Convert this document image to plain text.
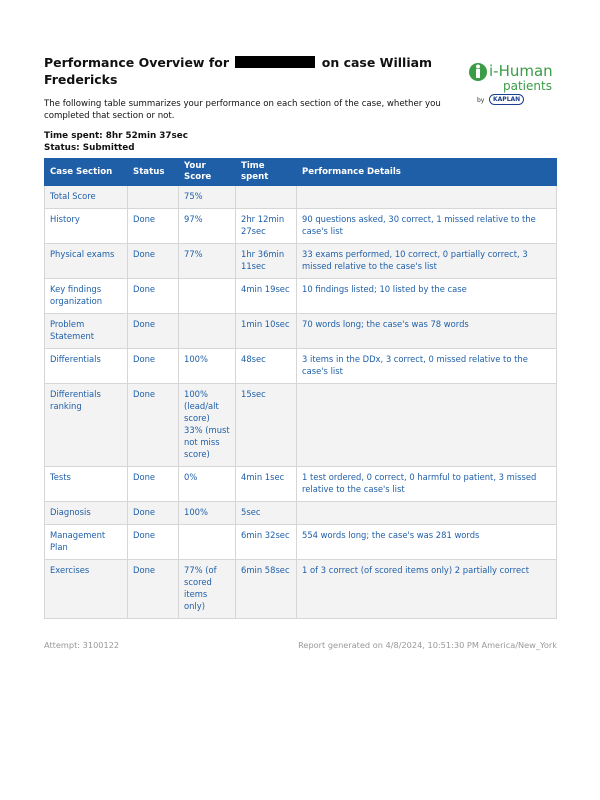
Performance Overview for	on case William Fredericks	i-Human
patients
by	KAPLAN
The following table summarizes your performance on each section of the case, whether you completed that section or not.
Time spent: 8hr 52min 37sec
Status: Submitted
Case Section	Status	Your Score	Time spent	Performance Details
Total Score		75%		
History	Done	97%	2hr 12min 27sec	90 questions asked, 30 correct, 1 missed relative to the case's list
Physical exams	Done	77%	1hr 36min 11sec	33 exams performed, 10 correct, 0 partially correct, 3 missed relative to the case's list
Key findings organization	Done		4min 19sec	10 findings listed; 10 listed by the case
Problem Statement	Done		1min 10sec	70 words long; the case's was 78 words
Differentials	Done	100%	48sec	3 items in the DDx, 3 correct, 0 missed relative to the case's list
Differentials ranking	Done	100% (lead/alt score) 33% (must not miss score)	15sec	
Tests	Done	0%	4min 1sec	1 test ordered, 0 correct, 0 harmful to patient, 3 missed relative to the case's list
Diagnosis	Done	100%	5sec	
Management Plan	Done		6min 32sec	554 words long; the case's was 281 words
Exercises	Done	77% (of scored items only)	6min 58sec	1 of 3 correct (of scored items only) 2 partially correct
Attempt: 3100122	Report generated on 4/8/2024, 10:51:30 PM America/New_York
